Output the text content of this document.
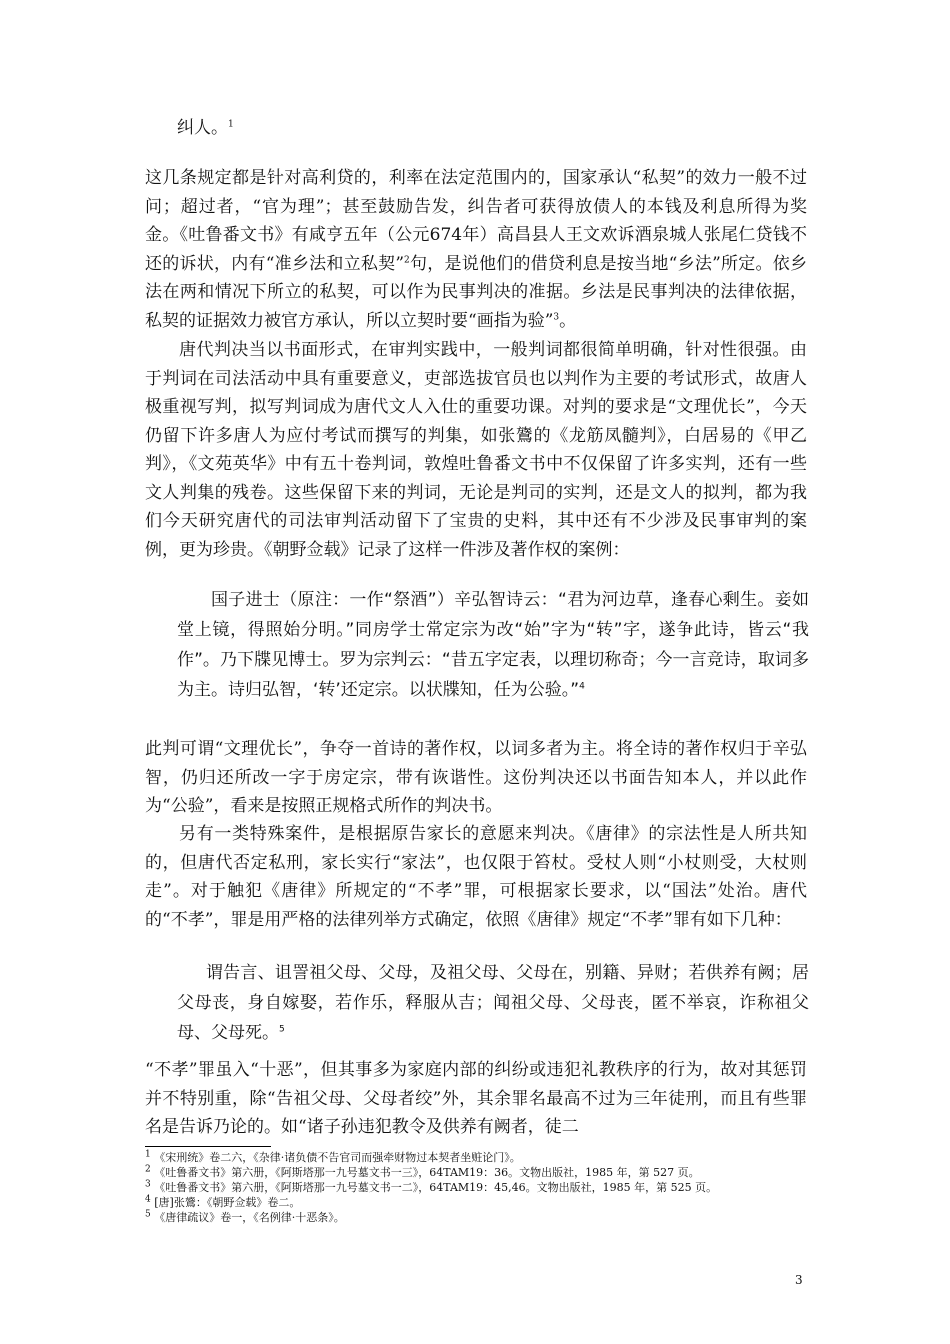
纠人。$^1$

这几条规定都是针对高利贷的，利率在法定范围内的，国家承认“私契”的效力一般不过问；超过者，“官为理”；甚至鼓励告发，纠告者可获得放债人的本钱及利息所得为奖金。《吐鲁番文书》有咸亨五年（公元674年）高昌县人王文欢诉酒泉城人张尾仁贷钱不还的诉状，内有“准乡法和立私契”$^2$句，是说他们的借贷利息是按当地“乡法”所定。依乡法在两和情况下所立的私契，可以作为民事判决的准据。乡法是民事判决的法律依据，私契的证据效力被官方承认，所以立契时要“画指为验”$^3$。

唐代判决当以书面形式，在审判实践中，一般判词都很简单明确，针对性很强。由于判词在司法活动中具有重要意义，吏部选拔官员也以判作为主要的考试形式，故唐人极重视写判，拟写判词成为唐代文人入仕的重要功课。对判的要求是“文理优长”，今天仍留下许多唐人为应付考试而撰写的判集，如张鷟的《龙筋凤髓判》，白居易的《甲乙判》，《文苑英华》中有五十卷判词，敦煌吐鲁番文书中不仅保留了许多实判，还有一些文人判集的残卷。这些保留下来的判词，无论是判司的实判，还是文人的拟判，都为我们今天研究唐代的司法审判活动留下了宝贵的史料，其中还有不少涉及民事审判的案例，更为珍贵。《朝野佥载》记录了这样一件涉及著作权的案例：

国子进士（原注：一作“祭酒”）辛弘智诗云：“君为河边草，逢春心剩生。妾如堂上镜，得照始分明。”同房学士常定宗为改“始”字为“转”字，遂争此诗，皆云“我作”。乃下牒见博士。罗为宗判云：“昔五字定表，以理切称奇；今一言竞诗，取词多为主。诗归弘智，‘转’还定宗。以状牒知，任为公验。”$^4$

此判可谓“文理优长”，争夺一首诗的著作权，以词多者为主。将全诗的著作权归于辛弘智，仍归还所改一字于房定宗，带有诙谐性。这份判决还以书面告知本人，并以此作为“公验”，看来是按照正规格式所作的判决书。

另有一类特殊案件，是根据原告家长的意愿来判决。《唐律》的宗法性是人所共知的，但唐代否定私刑，家长实行“家法”，也仅限于笞杖。受杖人则“小杖则受，大杖则走”。对于触犯《唐律》所规定的“不孝”罪，可根据家长要求，以“国法”处治。唐代的“不孝”，罪是用严格的法律列举方式确定，依照《唐律》规定“不孝”罪有如下几种：

谓告言、诅詈祖父母、父母，及祖父母、父母在，别籍、异财；若供养有阙；居父母丧，身自嫁娶，若作乐，释服从吉；闻祖父母、父母丧，匿不举哀，诈称祖父母、父母死。$^5$

“不孝”罪虽入“十恶”，但其事多为家庭内部的纠纷或违犯礼教秩序的行为，故对其惩罚并不特别重，除“告祖父母、父母者绞”外，其余罪名最高不过为三年徒刑，而且有些罪名是告诉乃论的。如“诸子孙违犯教令及供养有阙者，徒二

$^1$ 《宋刑统》卷二六，《杂律·诸负债不告官司而强牵财物过本契者坐赃论门》。
$^2$ 《吐鲁番文书》第六册，《阿斯塔那一九号墓文书一三》，64TAM19：36。文物出版社，1985 年，第 527 页。
$^3$ 《吐鲁番文书》第六册，《阿斯塔那一九号墓文书一二》，64TAM19：45,46。文物出版社，1985 年，第 525 页。
$^4$ [唐]张鷟：《朝野佥载》卷二。
$^5$ 《唐律疏议》卷一，《名例律·十恶条》。
3
